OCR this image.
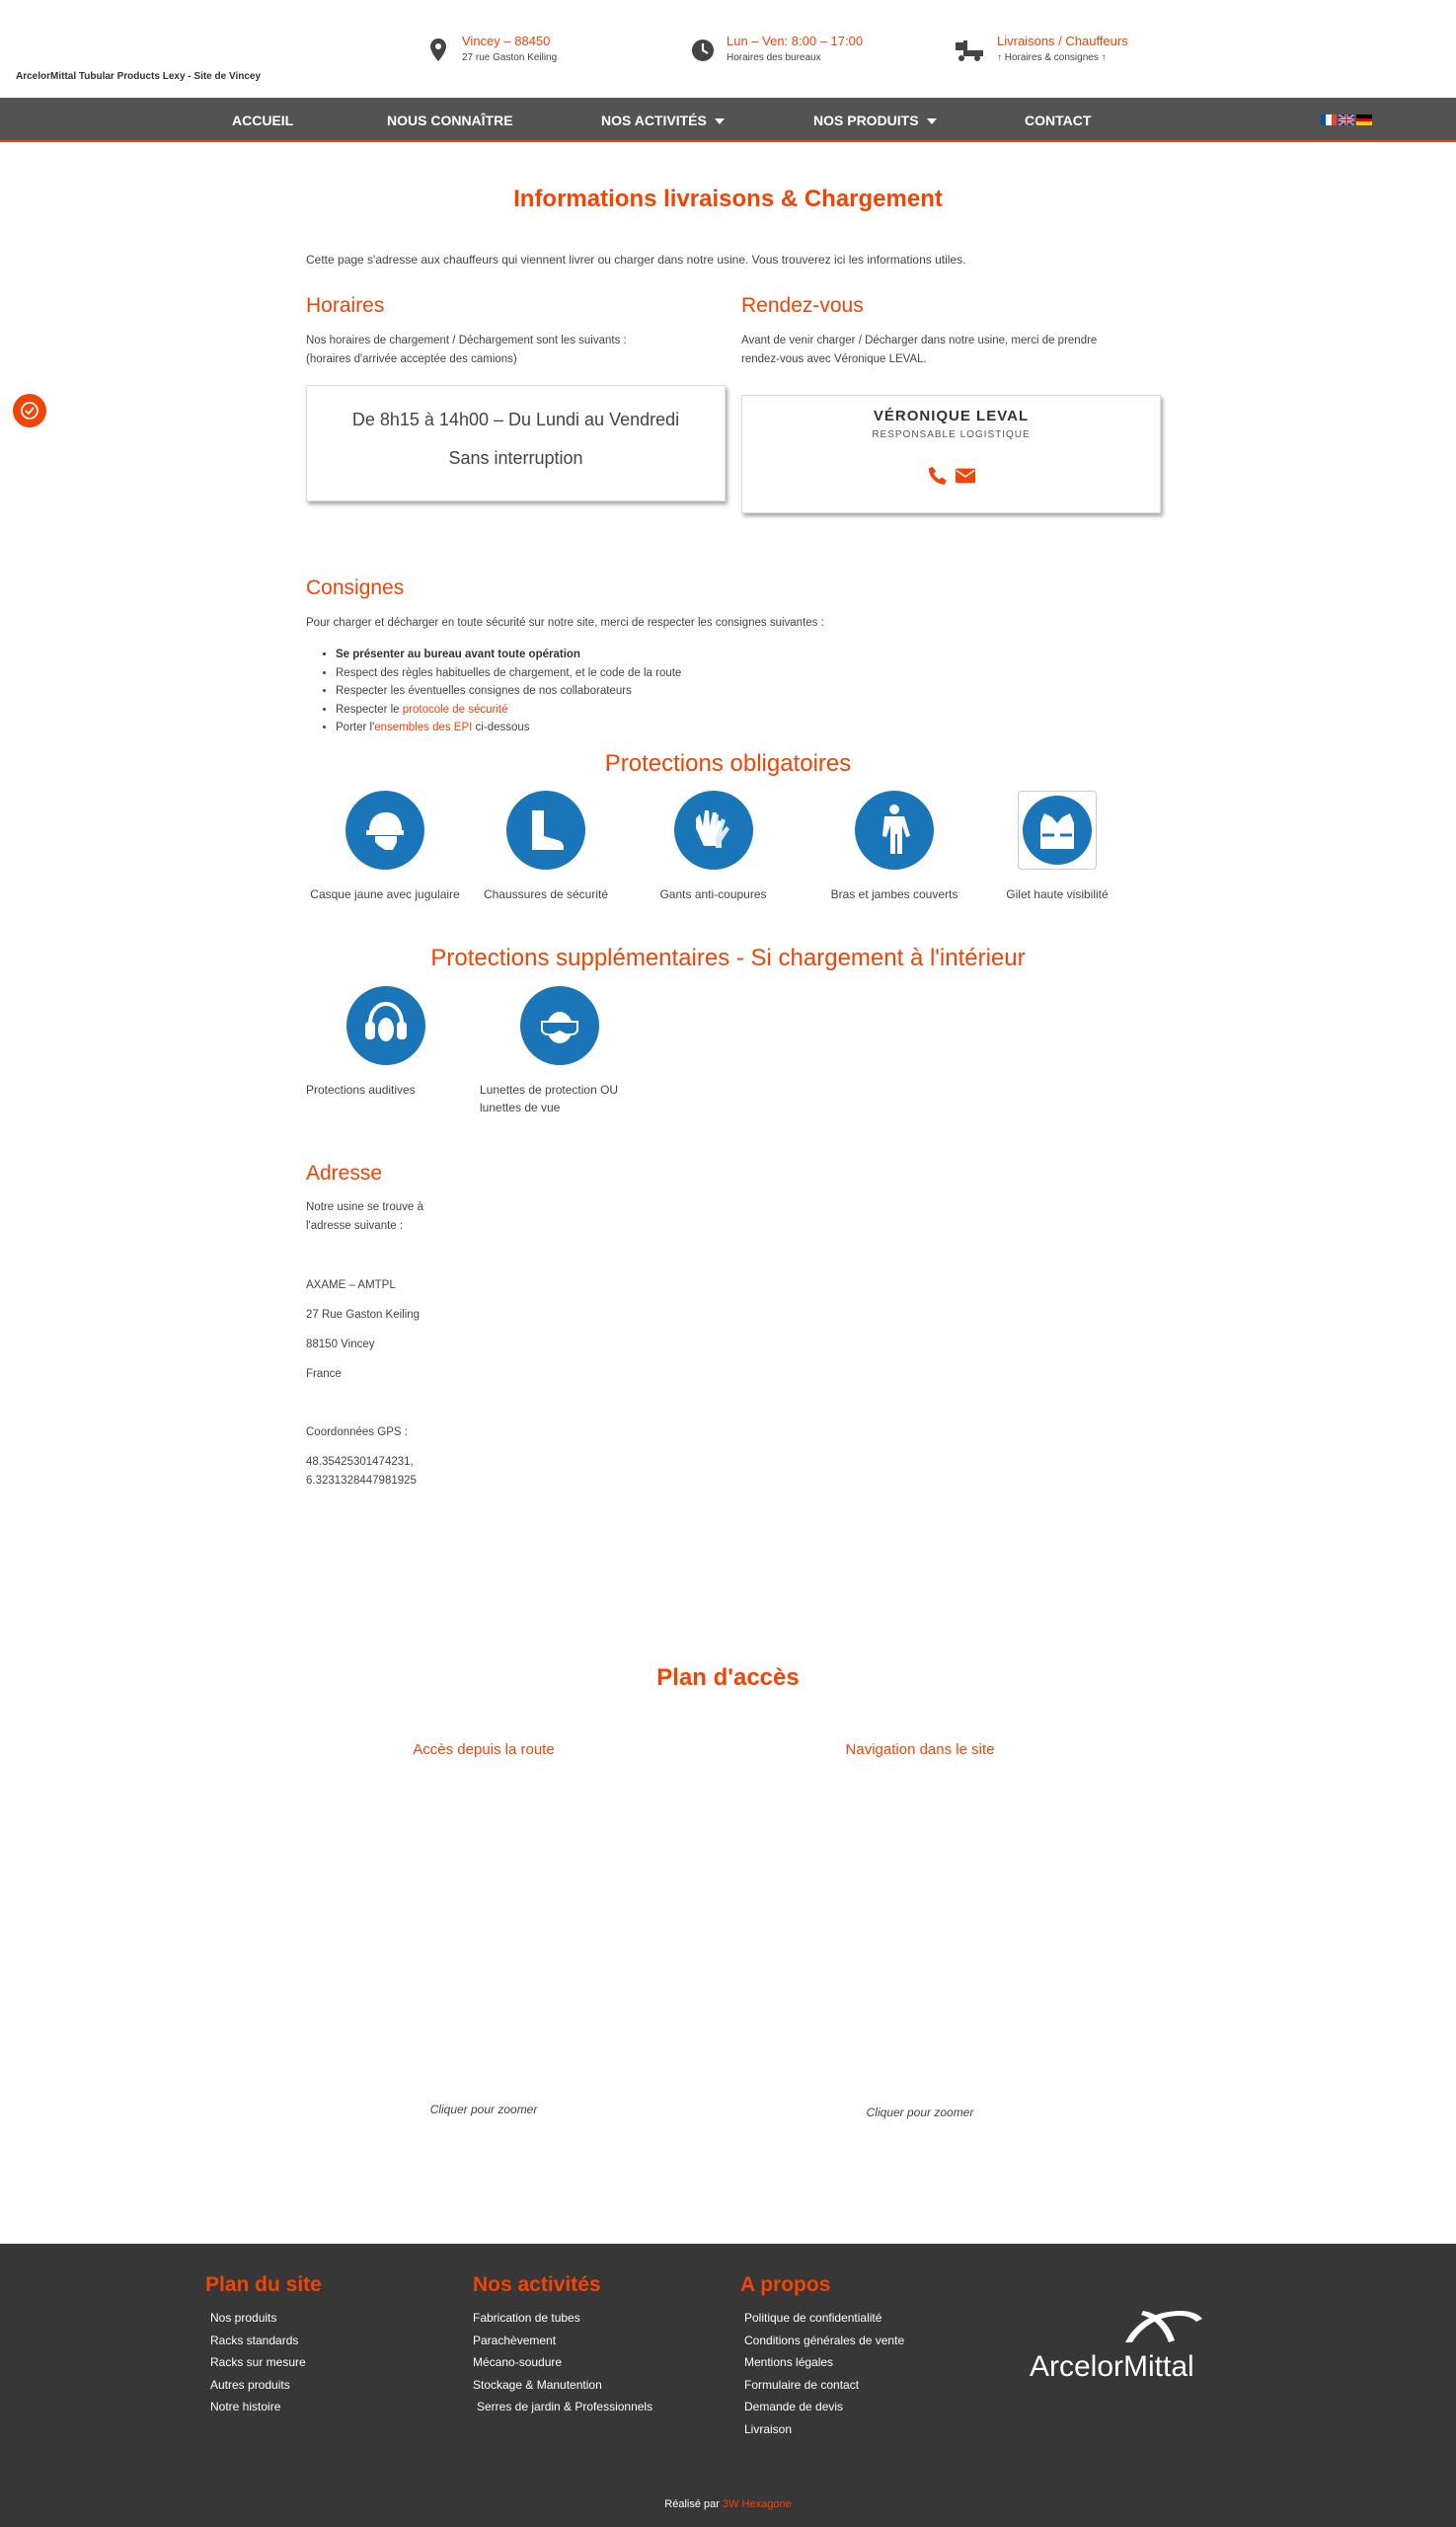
ArcelorMittal Tubular Products Lexy - Site de Vincey
Vincey – 88450
27 rue Gaston Keiling
Lun – Ven: 8:00 – 17:00
Horaires des bureaux
Livraisons / Chauffeurs
↑ Horaires & consignes ↑
ACCUEIL	NOUS CONNAÎTRE	NOS ACTIVITÉS	NOS PRODUITS	CONTACT
Informations livraisons & Chargement
Cette page s'adresse aux chauffeurs qui viennent livrer ou charger dans notre usine. Vous trouverez ici les informations utiles.
Horaires
Nos horaires de chargement / Déchargement sont les suivants :
(horaires d'arrivée acceptée des camions)
De 8h15 à 14h00 – Du Lundi au Vendredi
Sans interruption
Rendez-vous
Avant de venir charger / Décharger dans notre usine, merci de prendre
rendez-vous avec Véronique LEVAL.
VÉRONIQUE LEVAL
RESPONSABLE LOGISTIQUE
Consignes
Pour charger et décharger en toute sécurité sur notre site, merci de respecter les consignes suivantes :
• Se présenter au bureau avant toute opération
• Respect des règles habituelles de chargement, et le code de la route
• Respecter les éventuelles consignes de nos collaborateurs
• Respecter le protocole de sécurité
• Porter l'ensembles des EPI ci-dessous
Protections obligatoires
Casque jaune avec jugulaire	Chaussures de sécurité	Gants anti-coupures	Bras et jambes couverts	Gilet haute visibilité
Protections supplémentaires - Si chargement à l'intérieur
Protections auditives	Lunettes de protection OU lunettes de vue
Adresse
Notre usine se trouve à
l'adresse suivante :
AXAME – AMTPL
27 Rue Gaston Keiling
88150 Vincey
France
Coordonnées GPS :
48.35425301474231,
6.3231328447981925
Plan d'accès
Accès depuis la route	Navigation dans le site
Cliquer pour zoomer	Cliquer pour zoomer
Plan du site
Nos produits
Racks standards
Racks sur mesure
Autres produits
Notre histoire
Nos activités
Fabrication de tubes
Parachèvement
Mécano-soudure
Stockage & Manutention
Serres de jardin & Professionnels
A propos
Politique de confidentialité
Conditions générales de vente
Mentions légales
Formulaire de contact
Demande de devis
Livraison
ArcelorMittal
Réalisé par 3W Hexagone
